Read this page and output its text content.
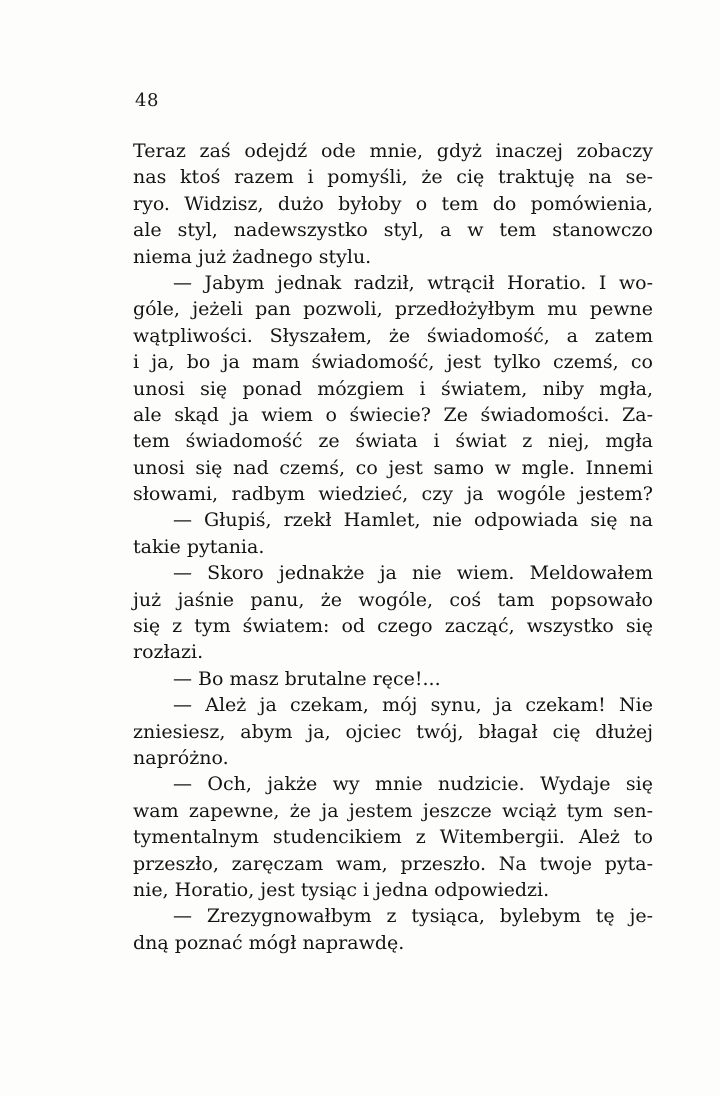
48
Teraz zaś odejdź ode mnie, gdyż inaczej zobaczy
nas ktoś razem i pomyśli, że cię traktuję na se-
ryo. Widzisz, dużo byłoby o tem do pomówienia,
ale styl, nadewszystko styl, a w tem stanowczo
niema już żadnego stylu.
— Jabym jednak radził, wtrącił Horatio. I wo-
góle, jeżeli pan pozwoli, przedłożyłbym mu pewne
wątpliwości. Słyszałem, że świadomość, a zatem
i ja, bo ja mam świadomość, jest tylko czemś, co
unosi się ponad mózgiem i światem, niby mgła,
ale skąd ja wiem o świecie? Ze świadomości. Za-
tem świadomość ze świata i świat z niej, mgła
unosi się nad czemś, co jest samo w mgle. Innemi
słowami, radbym wiedzieć, czy ja wogóle jestem?
— Głupiś, rzekł Hamlet, nie odpowiada się na
takie pytania.
— Skoro jednakże ja nie wiem. Meldowałem
już jaśnie panu, że wogóle, coś tam popsowało
się z tym światem: od czego zacząć, wszystko się
rozłazi.
— Bo masz brutalne ręce!...
— Ależ ja czekam, mój synu, ja czekam! Nie
zniesiesz, abym ja, ojciec twój, błagał cię dłużej
napróżno.
— Och, jakże wy mnie nudzicie. Wydaje się
wam zapewne, że ja jestem jeszcze wciąż tym sen-
tymentalnym studencikiem z Witembergii. Ależ to
przeszło, zaręczam wam, przeszło. Na twoje pyta-
nie, Horatio, jest tysiąc i jedna odpowiedzi.
— Zrezygnowałbym z tysiąca, bylebym tę je-
dną poznać mógł naprawdę.
